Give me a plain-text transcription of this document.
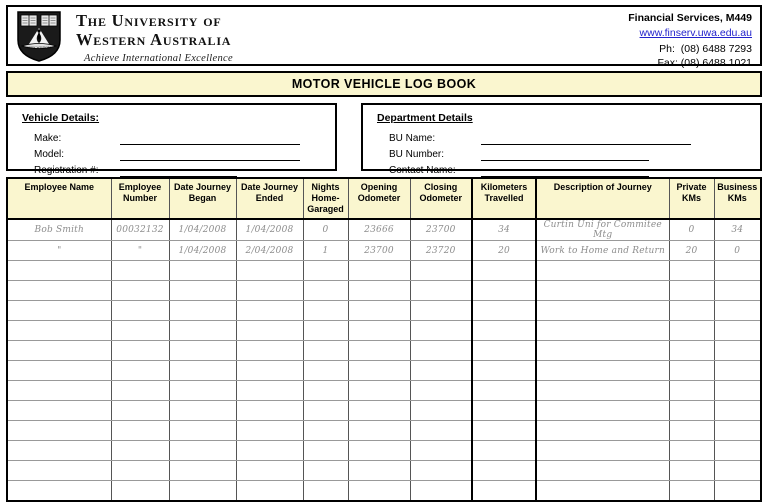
SEEK WISDOM
The University of
Western Australia
Achieve International Excellence
Financial Services, M449
www.finserv.uwa.edu.au
Ph:  (08) 6488 7293
Fax: (08) 6488 1021
MOTOR VEHICLE LOG BOOK
Vehicle Details:
Make:
Model:
Registration #:
Department Details
BU Name:
BU Number:
Contact Name:
Employee Name	Employee Number	Date Journey Began	Date Journey Ended	Nights Home-Garaged	Opening Odometer	Closing Odometer	Kilometers Travelled	Description of Journey	Private KMs	Business KMs
Bob Smith	00032132	1/04/2008	1/04/2008	0	23666	23700	34	Curtin Uni for Commitee Mtg	0	34
"	"	1/04/2008	2/04/2008	1	23700	23720	20	Work to Home and Return	20	0
